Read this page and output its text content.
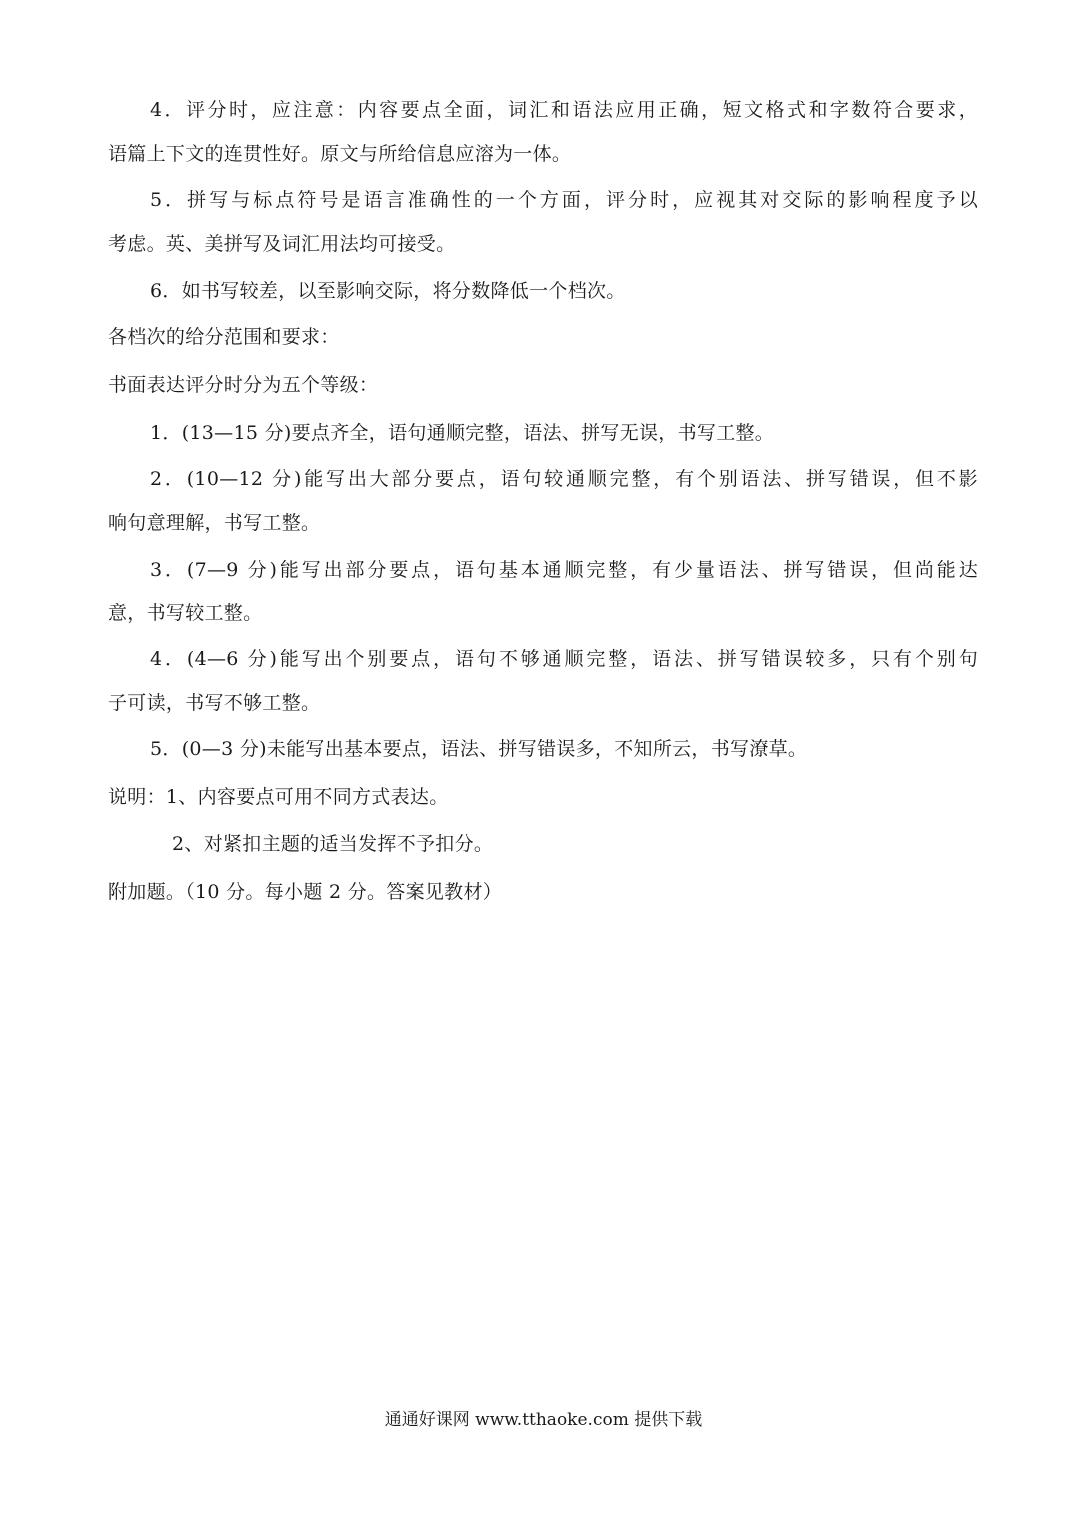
4．评分时，应注意：内容要点全面，词汇和语法应用正确，短文格式和字数符合要求，
语篇上下文的连贯性好。原文与所给信息应溶为一体。
5．拼写与标点符号是语言准确性的一个方面，评分时，应视其对交际的影响程度予以
考虑。英、美拼写及词汇用法均可接受。
6．如书写较差，以至影响交际，将分数降低一个档次。
各档次的给分范围和要求：
书面表达评分时分为五个等级：
1．(13—15 分)要点齐全，语句通顺完整，语法、拼写无误，书写工整。
2．(10—12 分)能写出大部分要点，语句较通顺完整，有个别语法、拼写错误，但不影
响句意理解，书写工整。
3．(7—9 分)能写出部分要点，语句基本通顺完整，有少量语法、拼写错误，但尚能达
意，书写较工整。
4．(4—6 分)能写出个别要点，语句不够通顺完整，语法、拼写错误较多，只有个别句
子可读，书写不够工整。
5．(0—3 分)未能写出基本要点，语法、拼写错误多，不知所云，书写潦草。
说明：1、内容要点可用不同方式表达。
2、对紧扣主题的适当发挥不予扣分。
附加题。（10 分。每小题 2 分。答案见教材）
通通好课网 www.tthaoke.com 提供下载
